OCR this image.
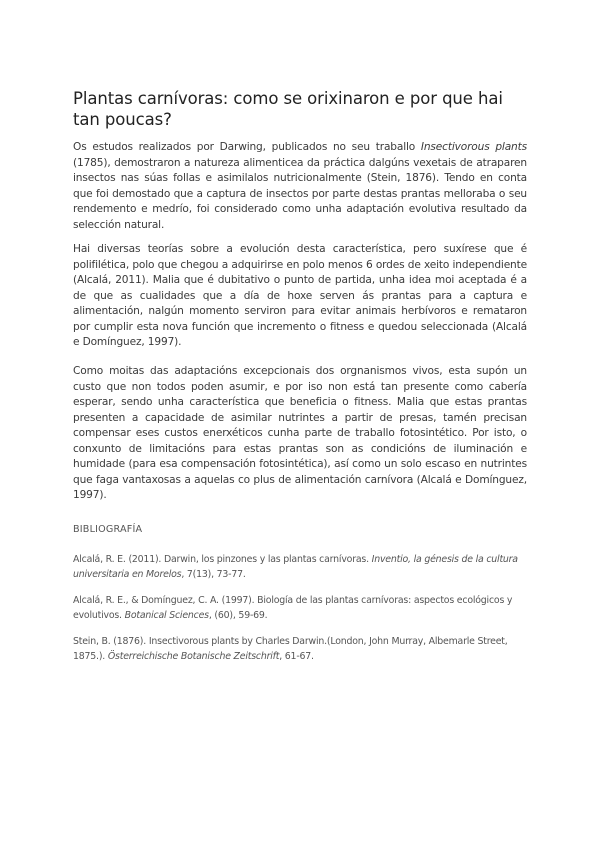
Plantas carnívoras: como se orixinaron e por que hai tan poucas?

Os estudos realizados por Darwing, publicados no seu traballo Insectivorous plants (1785), demostraron a natureza alimenticea da práctica dalgúns vexetais de atraparen insectos nas súas follas e asimilalos nutricionalmente (Stein, 1876). Tendo en conta que foi demostado que a captura de insectos por parte destas prantas melloraba o seu rendemento e medrío, foi considerado como unha adaptación evolutiva resultado da selección natural.

Hai diversas teorías sobre a evolución desta característica, pero suxírese que é polifilética, polo que chegou a adquirirse en polo menos 6 ordes de xeito independiente (Alcalá, 2011). Malia que é dubitativo o punto de partida, unha idea moi aceptada é a de que as cualidades que a día de hoxe serven ás prantas para a captura e alimentación, nalgún momento serviron para evitar animais herbívoros e remataron por cumplir esta nova función que incremento o fitness e quedou seleccionada (Alcalá e Domínguez, 1997).

Como moitas das adaptacións excepcionais dos orgnanismos vivos, esta supón un custo que non todos poden asumir, e por iso non está tan presente como cabería esperar, sendo unha característica que beneficia o fitness. Malia que estas prantas presenten a capacidade de asimilar nutrintes a partir de presas, tamén precisan compensar eses custos enerxéticos cunha parte de traballo fotosintético. Por isto, o conxunto de limitacións para estas prantas son as condicións de iluminación e humidade (para esa compensación fotosintética), así como un solo escaso en nutrintes que faga vantaxosas a aquelas co plus de alimentación carnívora (Alcalá e Domínguez, 1997).

BIBLIOGRAFÍA

Alcalá, R. E. (2011). Darwin, los pinzones y las plantas carnívoras. Inventio, la génesis de la cultura universitaria en Morelos, 7(13), 73-77.

Alcalá, R. E., & Domínguez, C. A. (1997). Biología de las plantas carnívoras: aspectos ecológicos y evolutivos. Botanical Sciences, (60), 59-69.

Stein, B. (1876). Insectivorous plants by Charles Darwin.(London, John Murray, Albemarle Street, 1875.). Österreichische Botanische Zeitschrift, 61-67.
